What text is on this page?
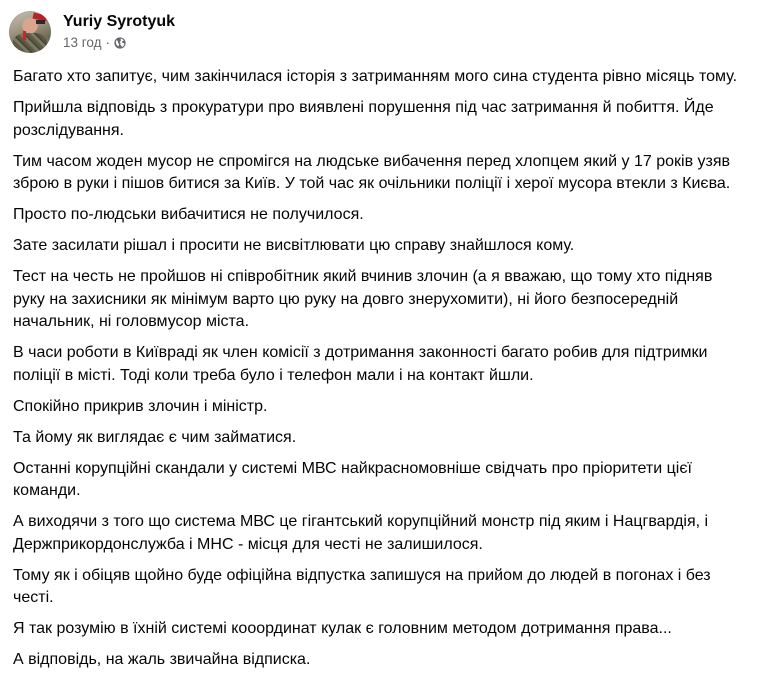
Yuriy Syrotyuk
13 год ·

Багато хто запитує, чим закінчилася історія з затриманням мого сина студента рівно місяць тому.

Прийшла відповідь з прокуратури про виявлені порушення під час затримання й побиття. Йде
розслідування.

Тим часом жоден мусор не спромігся на людське вибачення перед хлопцем який у 17 років узяв
зброю в руки і пішов битися за Київ. У той час як очільники поліції і херої мусора втекли з Києва.

Просто по-людськи вибачитися не получилося.

Зате засилати рішал і просити не висвітлювати цю справу знайшлося кому.

Тест на честь не пройшов ні співробітник який вчинив злочин (а я вважаю, що тому хто підняв
руку на захисники як мінімум варто цю руку на довго знерухомити), ні його безпосередній
начальник, ні головмусор міста.

В часи роботи в Київраді як член комісії з дотримання законності багато робив для підтримки
поліції в місті. Тоді коли треба було і телефон мали і на контакт йшли.

Спокійно прикрив злочин і міністр.

Та йому як виглядає є чим займатися.

Останні корупційні скандали у системі МВС найкрасномовніше свідчать про пріоритети цієї
команди.

А виходячи з того що система МВС це гігантський корупційний монстр під яким і Нацгвардія, і
Держприкордонслужба і МНС - місця для честі не залишилося.

Тому як і обіцяв щойно буде офіційна відпустка запишуся на прийом до людей в погонах і без
честі.

Я так розумію в їхній системі кооординат кулак є головним методом дотримання права...

А відповідь, на жаль звичайна відписка.
